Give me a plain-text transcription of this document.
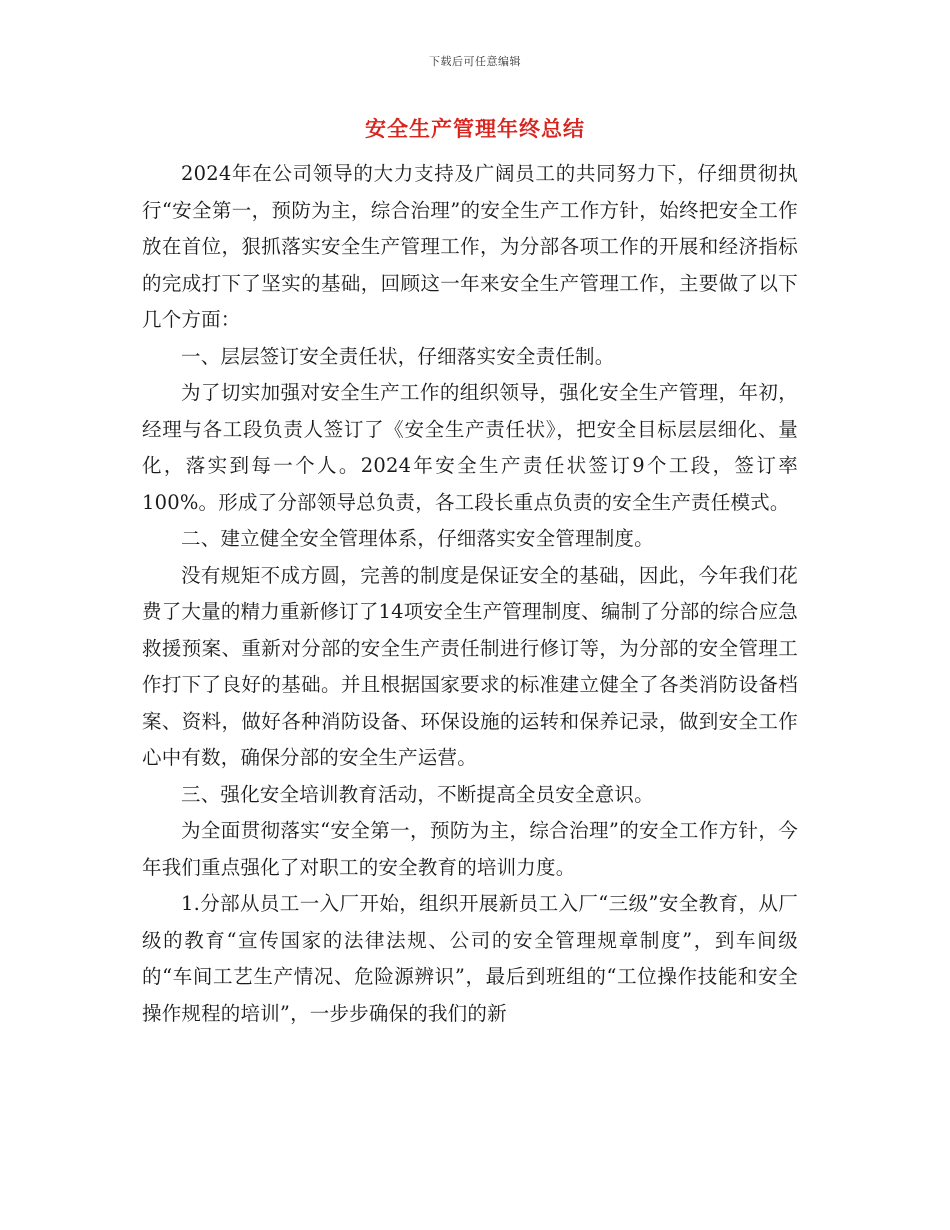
下载后可任意编辑
安全生产管理年终总结

2024年在公司领导的大力支持及广阔员工的共同努力下，仔细贯彻执行“安全第一，预防为主，综合治理”的安全生产工作方针，始终把安全工作放在首位，狠抓落实安全生产管理工作，为分部各项工作的开展和经济指标的完成打下了坚实的基础，回顾这一年来安全生产管理工作，主要做了以下几个方面：

一、层层签订安全责任状，仔细落实安全责任制。

为了切实加强对安全生产工作的组织领导，强化安全生产管理，年初，经理与各工段负责人签订了《安全生产责任状》，把安全目标层层细化、量化，落实到每一个人。2024年安全生产责任状签订9个工段，签订率100%。形成了分部领导总负责，各工段长重点负责的安全生产责任模式。

二、建立健全安全管理体系，仔细落实安全管理制度。

没有规矩不成方圆，完善的制度是保证安全的基础，因此，今年我们花费了大量的精力重新修订了14项安全生产管理制度、编制了分部的综合应急救援预案、重新对分部的安全生产责任制进行修订等，为分部的安全管理工作打下了良好的基础。并且根据国家要求的标准建立健全了各类消防设备档案、资料，做好各种消防设备、环保设施的运转和保养记录，做到安全工作心中有数，确保分部的安全生产运营。

三、强化安全培训教育活动，不断提高全员安全意识。

为全面贯彻落实“安全第一，预防为主，综合治理”的安全工作方针，今年我们重点强化了对职工的安全教育的培训力度。

1.分部从员工一入厂开始，组织开展新员工入厂“三级”安全教育，从厂级的教育“宣传国家的法律法规、公司的安全管理规章制度”，到车间级的“车间工艺生产情况、危险源辨识”，最后到班组的“工位操作技能和安全操作规程的培训”，一步步确保的我们的新
